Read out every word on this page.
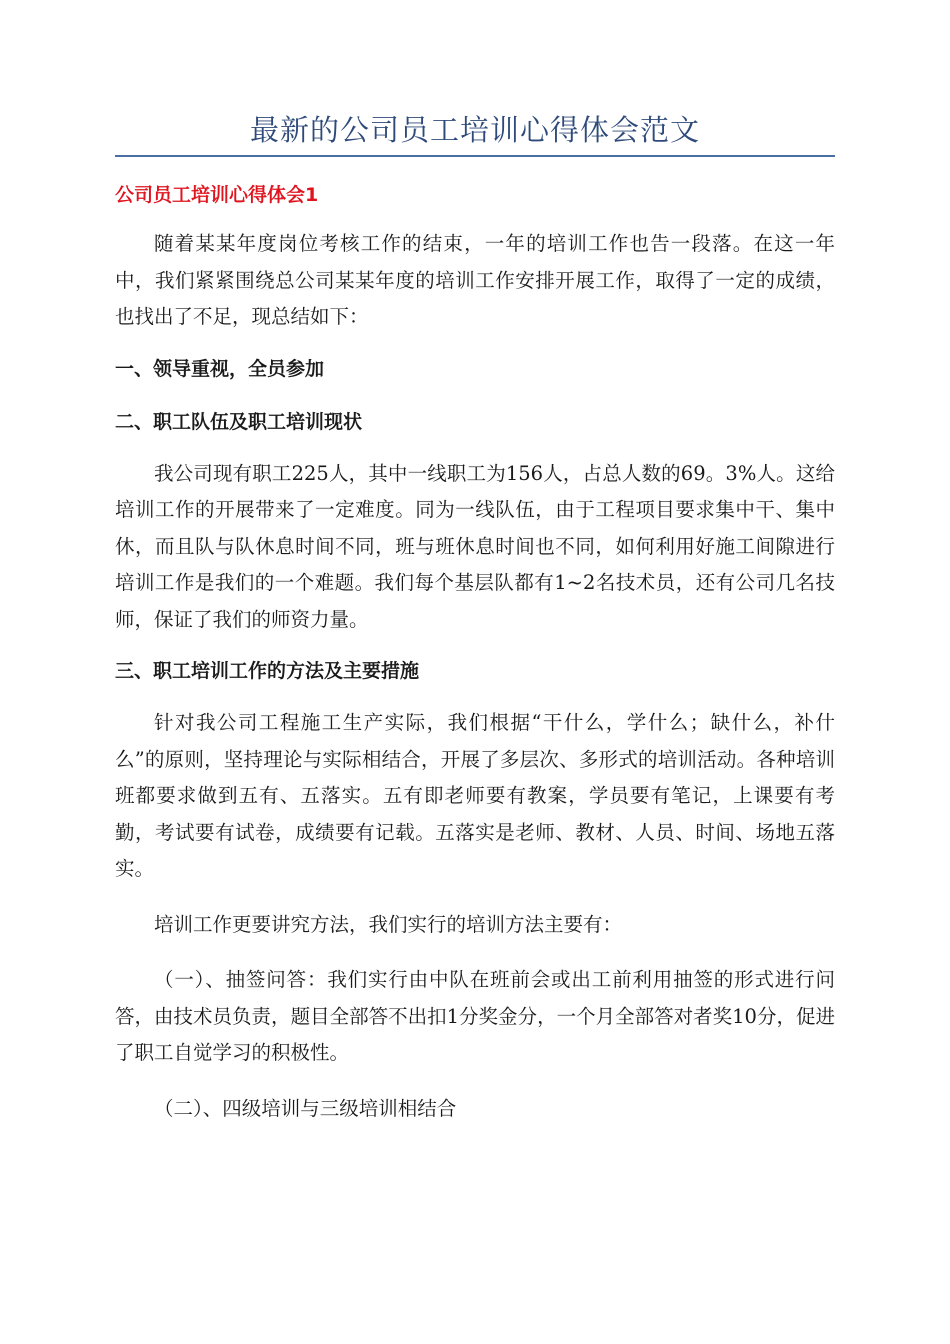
最新的公司员工培训心得体会范文
公司员工培训心得体会1

随着某某年度岗位考核工作的结束，一年的培训工作也告一段落。在这一年中，我们紧紧围绕总公司某某年度的培训工作安排开展工作，取得了一定的成绩，也找出了不足，现总结如下：

一、领导重视，全员参加
二、职工队伍及职工培训现状

我公司现有职工225人，其中一线职工为156人，占总人数的69。3%人。这给培训工作的开展带来了一定难度。同为一线队伍，由于工程项目要求集中干、集中休，而且队与队休息时间不同，班与班休息时间也不同，如何利用好施工间隙进行培训工作是我们的一个难题。我们每个基层队都有1~2名技术员，还有公司几名技师，保证了我们的师资力量。

三、职工培训工作的方法及主要措施

针对我公司工程施工生产实际，我们根据“干什么，学什么；缺什么，补什么”的原则，坚持理论与实际相结合，开展了多层次、多形式的培训活动。各种培训班都要求做到五有、五落实。五有即老师要有教案，学员要有笔记，上课要有考勤，考试要有试卷，成绩要有记载。五落实是老师、教材、人员、时间、场地五落实。

培训工作更要讲究方法，我们实行的培训方法主要有：

（一）、抽签问答：我们实行由中队在班前会或出工前利用抽签的形式进行问答，由技术员负责，题目全部答不出扣1分奖金分，一个月全部答对者奖10分，促进了职工自觉学习的积极性。

（二）、四级培训与三级培训相结合
